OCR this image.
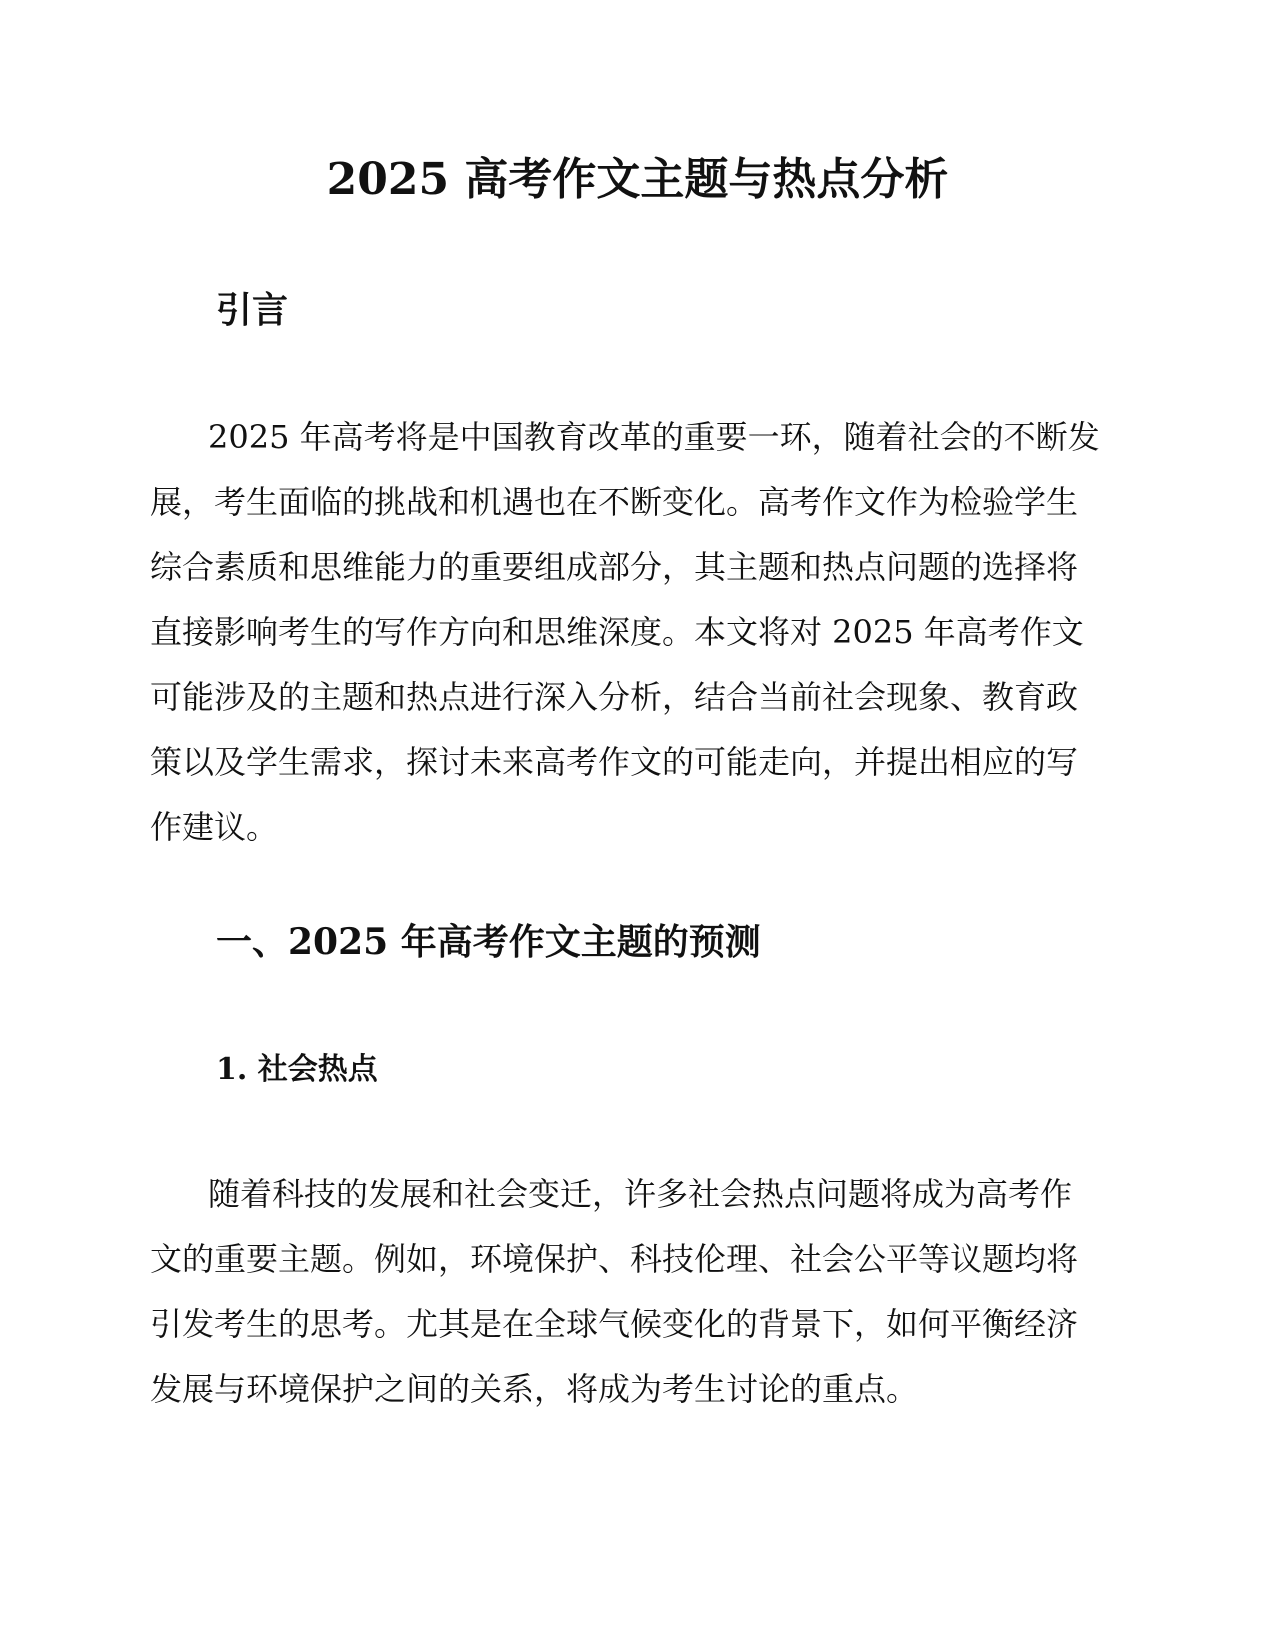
2025 高考作文主题与热点分析
引言
2025 年高考将是中国教育改革的重要一环，随着社会的不断发
展，考生面临的挑战和机遇也在不断变化。高考作文作为检验学生
综合素质和思维能力的重要组成部分，其主题和热点问题的选择将
直接影响考生的写作方向和思维深度。本文将对 2025 年高考作文
可能涉及的主题和热点进行深入分析，结合当前社会现象、教育政
策以及学生需求，探讨未来高考作文的可能走向，并提出相应的写
作建议。
一、2025 年高考作文主题的预测
1. 社会热点
随着科技的发展和社会变迁，许多社会热点问题将成为高考作
文的重要主题。例如，环境保护、科技伦理、社会公平等议题均将
引发考生的思考。尤其是在全球气候变化的背景下，如何平衡经济
发展与环境保护之间的关系，将成为考生讨论的重点。
